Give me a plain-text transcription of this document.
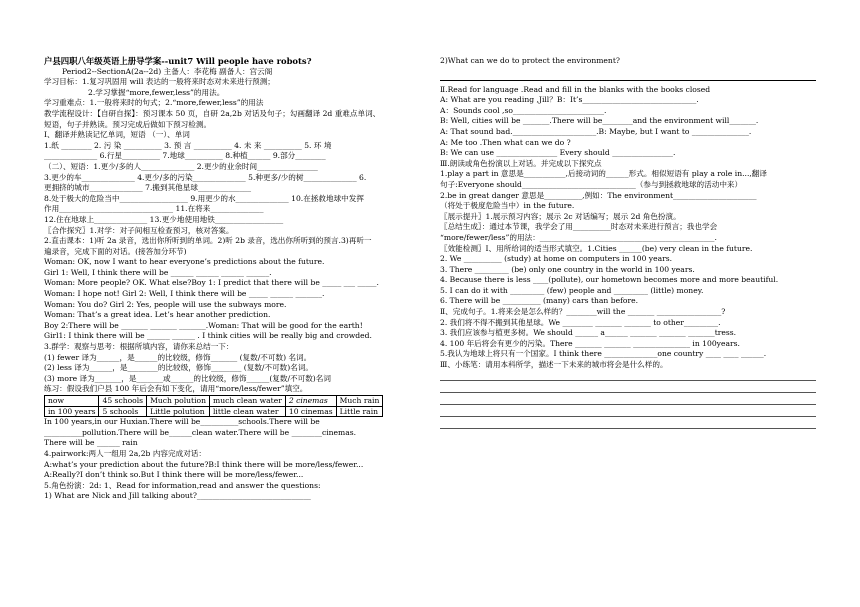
户县四职八年级英语上册导学案--unit7 Will people have robots?
Period2--SectionA(2a--2d) 主备人：李花梅 副备人：宫云阁
学习目标：1.复习巩固用 will 表达的一般将来时态对未来进行预测；
2.学习掌握“more,fewer,less”的用法。
学习重难点：1.一般将来时的句式；2.“more,fewer,less”的用法
教学流程设计：【自研自探】：预习课本 50 页，自研 2a,2b 对话及句子；勾画翻译 2d 重难点单词、
短语，句子并熟读。预习完成后做如下预习检测。
Ⅰ、翻译并熟读记忆单词，短语 （一）、单词
1.纸 ________ 2. 污 染 __________ 3. 预 言 __________ 4. 未 来 __________ 5. 环 境
______________ 6.行星__________ 7.地球__________ 8.种植______ 9.部分________
（二）、短语：1.更少/多的人______________ 2.更少的业余时间________________
3.更少的车______________ 4.更少/多的污染______________ 5.种更多/少的树______________ 6.
更拥挤的城市______________ 7.搬到其他星球______________
8.处于极大的危险当中__________________ 9.用更少的水______________ 10.在拯救地球中发挥
作用______________________________ 11.在将来______________
12.住在地球上______________ 13.更少地使用地铁__________________
〖合作探究〗1.对学：对子间相互检查预习，核对答案。
2.直击课本：1)听 2a 录音，选出你所听到的单词。2)听 2b 录音，选出你所听到的预言.3)再听一
遍录音，完成下面的对话。(接答加分环节)
Woman: OK, now I want to hear everyone’s predictions about the future.
Girl 1: Well, I think there will be ______ ______ ______ ______.
Woman: More people? OK. What else?Boy 1: I predict that there will be _____ ___ _____.
Woman: I hope not! Girl 2: Well, I think there will be _____ ______ _______.
Woman: You do? Girl 2: Yes, people will use the subways more.
Woman: That’s a great idea. Let’s hear another prediction.
Boy 2:There will be _______ _______ _______.Woman: That will be good for the earth!
Girl1: I think there will be ______ ______ . I think cities will be really big and crowded.
3.群学：观察与思考：根据所填内容，请你来总结一下：
(1) fewer 译为______，是______的比较级，修饰_______ (复数/不可数) 名词。
(2) less 译为______，是________的比较级，修饰________ (复数/不可数)名词。
(3) more 译为_______，是_______或______的比较级，修饰______(复数/不可数)名词
练习：假设我们户县 100 年后会有如下变化，请用“more/less/fewer”填空。
now	45 schools	Much polution	much clean water	2 cinemas	Much rain
in 100 years	5 schools	Little polution	little clean water	10 cinemas	Little rain
In 100 years,in our Huxian.There will be__________schools.There will be
__________pollution.There will be______clean water.There will be ________cinemas.
There will be ______ rain
4.pairwork:两人一组用 2a,2b 内容完成对话：
A:what’s your prediction about the future?B:I think there will be more/less/fewer...
A:Really?I don’t think so.But I think there will be more/less/fewer...
5.角色扮演：2d: 1、Read for information,read and answer the questions:
1) What are Nick and Jill talking about?______________________________
2)What can we do to protect the environment?
Ⅱ.Read for language .Read and fill in the blanks with the books closed
A: What are you reading ,Jill？B：It’s______________________________.
A：Sounds cool ,so________________________.
B: Well, cities will be _______.There will be________and the environment will_______.
A: That sound bad.______________________.B: Maybe, but I want to _______________.
A: Me too .Then what can we do ?
B: We can use ________________ Every should ________________.
Ⅲ.朗读或角色扮演以上对话。并完成以下探究点
1.play a part in 意思是___________,后接动词的______形式。相似短语有 play a role in...,翻译
句子:Everyone should______________________________（参与到拯救地球的活动中来）
2.be in great danger 意思是__________,例如：The environment______________________
（将处于极度危险当中）in the future.
〖展示提升〗1.展示预习内容；展示 2c 对话编写；展示 2d 角色扮演。
〖总结生成〗：通过本节课，我学会了用__________时态对未来进行预言；我也学会
“more/fewer/less”的用法：______________________________________________.
〖效能检测〗Ⅰ、用所给词的适当形式填空。1.Cities ______(be) very clean in the future.
2. We __________ (study) at home on computers in 100 years.
3. There _________ (be) only one country in the world in 100 years.
4. Because there is less ____(pollute), our hometown becomes more and more beautiful.
5. I can do it with _________ (few) people and _________ (little) money.
6. There will be __________ (many) cars than before.
Ⅱ、完成句子。1.将来会是怎么样的？________will the _______ _________________?
2. 我们将不得不搬到其他星球。We ________ _______ _______ to other_________.
3. 我们应该参与植更多树。We should ______ a______ _______ _______ _______tress.
4. 100 年后将会有更少的污染。There _______ _______ _______________ in 100years.
5.我认为地球上将只有一个国家。I think there ______________one country ____ ____ ______.
Ⅲ、小练笔：请用本科所学，描述一下未来的城市将会是什么样的。
